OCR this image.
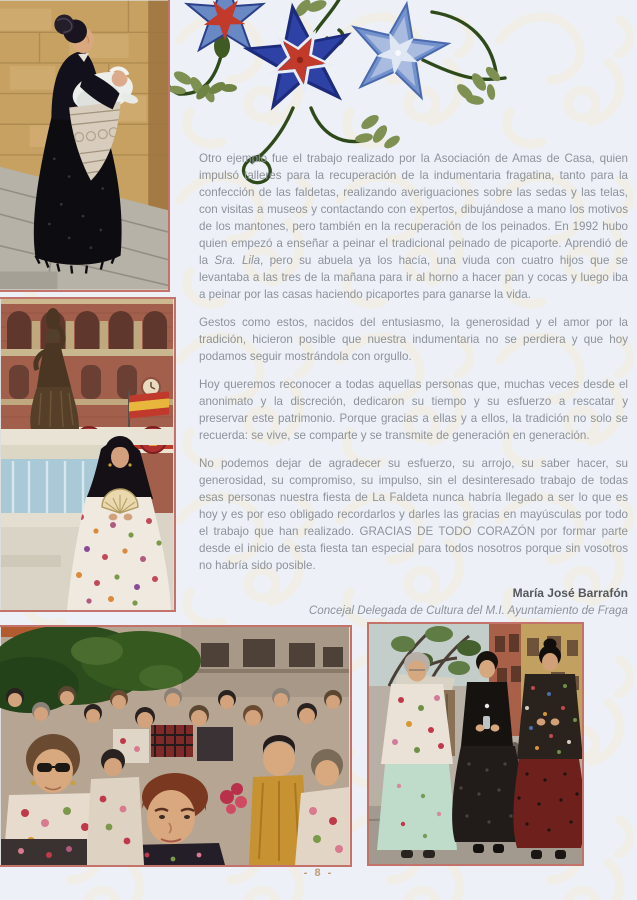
Otro ejemplo fue el trabajo realizado por la Asociación de Amas de Casa, quien impulsó talleres para la recuperación de la indumentaria fragatina, tanto para la confección de las faldetas, realizando averiguaciones sobre las sedas y las telas, con visitas a museos y contactando con expertos, dibujándose a mano los motivos de los mantones, pero también en la recuperación de los peinados. En 1992 hubo quien empezó a enseñar a peinar el tradicional peinado de picaporte. Aprendió de la Sra. Lila, pero su abuela ya los hacía, una viuda con cuatro hijos que se levantaba a las tres de la mañana para ir al horno a hacer pan y cocas y luego iba a peinar por las casas haciendo picaportes para ganarse la vida.

Gestos como estos, nacidos del entusiasmo, la generosidad y el amor por la tradición, hicieron posible que nuestra indumentaria no se perdiera y que hoy podamos seguir mostrándola con orgullo.

Hoy queremos reconocer a todas aquellas personas que, muchas veces desde el anonimato y la discreción, dedicaron su tiempo y su esfuerzo a rescatar y preservar este patrimonio. Porque gracias a ellas y a ellos, la tradición no solo se recuerda: se vive, se comparte y se transmite de generación en generación.

No podemos dejar de agradecer su esfuerzo, su arrojo, su saber hacer, su generosidad, su compromiso, su impulso, sin el desinteresado trabajo de todas esas personas nuestra fiesta de La Faldeta nunca habría llegado a ser lo que es hoy y es por eso obligado recordarlos y darles las gracias en mayúsculas por todo el trabajo que han realizado. GRACIAS DE TODO CORAZÓN por formar parte desde el inicio de esta fiesta tan especial para todos nosotros porque sin vosotros no habría sido posible.

María José Barrafón
Concejal Delegada de Cultura del M.I. Ayuntamiento de Fraga
- 8 -
